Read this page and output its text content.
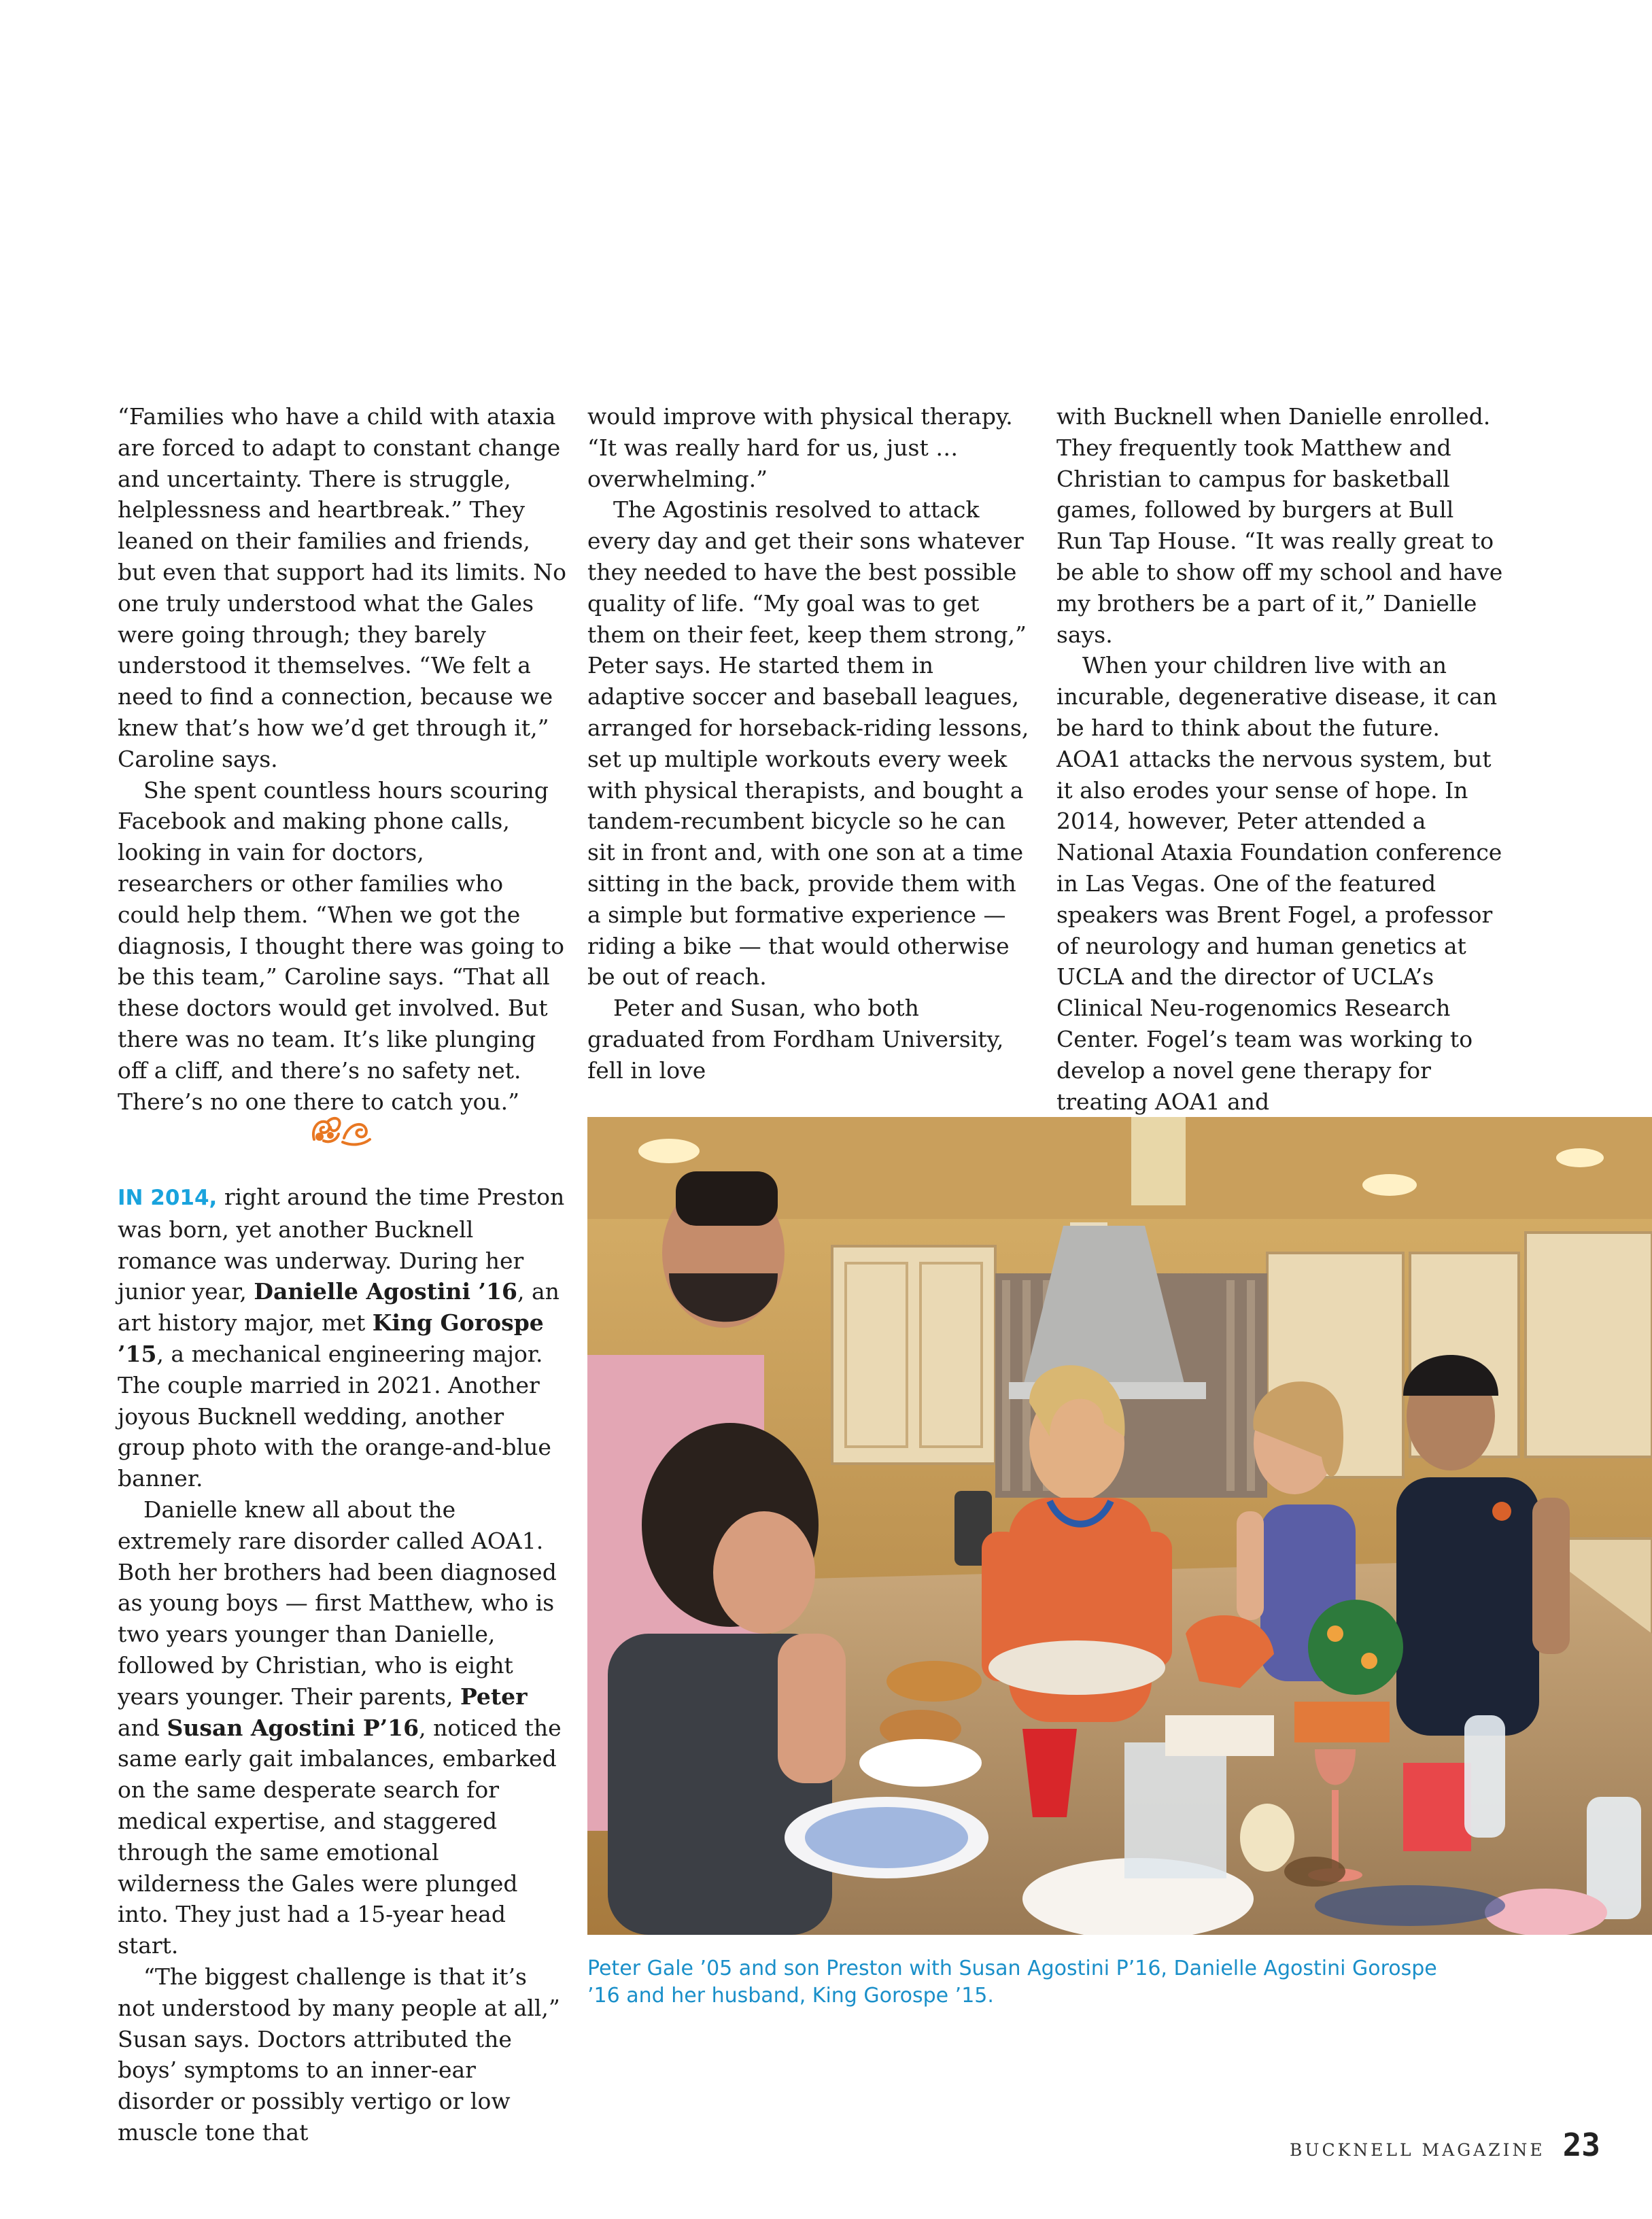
“Families who have a child with ataxia are forced to adapt to constant change and uncertainty. There is struggle, helplessness and heartbreak.” They leaned on their families and friends, but even that support had its limits. No one truly understood what the Gales were going through; they barely understood it themselves. “We felt a need to find a connection, because we knew that’s how we’d get through it,” Caroline says.

She spent countless hours scouring Facebook and making phone calls, looking in vain for doctors, researchers or other families who could help them. “When we got the diagnosis, I thought there was going to be this team,” Caroline says. “That all these doctors would get involved. But there was no team. It’s like plunging off a cliff, and there’s no safety net. There’s no one there to catch you.”

IN 2014, right around the time Preston was born, yet another Bucknell romance was underway. During her junior year, Danielle Agostini ’16, an art history major, met King Gorospe ’15, a mechanical engineering major. The couple married in 2021. Another joyous Bucknell wedding, another group photo with the orange-and-blue banner.

Danielle knew all about the extremely rare disorder called AOA1. Both her brothers had been diagnosed as young boys — first Matthew, who is two years younger than Danielle, followed by Christian, who is eight years younger. Their parents, Peter and Susan Agostini P’16, noticed the same early gait imbalances, embarked on the same desperate search for medical expertise, and staggered through the same emotional wilderness the Gales were plunged into. They just had a 15-year head start.

“The biggest challenge is that it’s not understood by many people at all,” Susan says. Doctors attributed the boys’ symptoms to an inner-ear disorder or possibly vertigo or low muscle tone that

would improve with physical therapy. “It was really hard for us, just … overwhelming.”

The Agostinis resolved to attack every day and get their sons whatever they needed to have the best possible quality of life. “My goal was to get them on their feet, keep them strong,” Peter says. He started them in adaptive soccer and baseball leagues, arranged for horseback-riding lessons, set up multiple workouts every week with physical therapists, and bought a tandem-recumbent bicycle so he can sit in front and, with one son at a time sitting in the back, provide them with a simple but formative experience — riding a bike — that would otherwise be out of reach.

Peter and Susan, who both graduated from Fordham University, fell in love

with Bucknell when Danielle enrolled. They frequently took Matthew and Christian to campus for basketball games, followed by burgers at Bull Run Tap House. “It was really great to be able to show off my school and have my brothers be a part of it,” Danielle says.

When your children live with an incurable, degenerative disease, it can be hard to think about the future. AOA1 attacks the nervous system, but it also erodes your sense of hope. In 2014, however, Peter attended a National Ataxia Foundation conference in Las Vegas. One of the featured speakers was Brent Fogel, a professor of neurology and human genetics at UCLA and the director of UCLA’s Clinical Neu-rogenomics Research Center. Fogel’s team was working to develop a novel gene therapy for treating AOA1 and

Peter Gale ’05 and son Preston with Susan Agostini P’16, Danielle Agostini Gorospe ’16 and her husband, King Gorospe ’15.
BUCKNELL MAGAZINE 23
